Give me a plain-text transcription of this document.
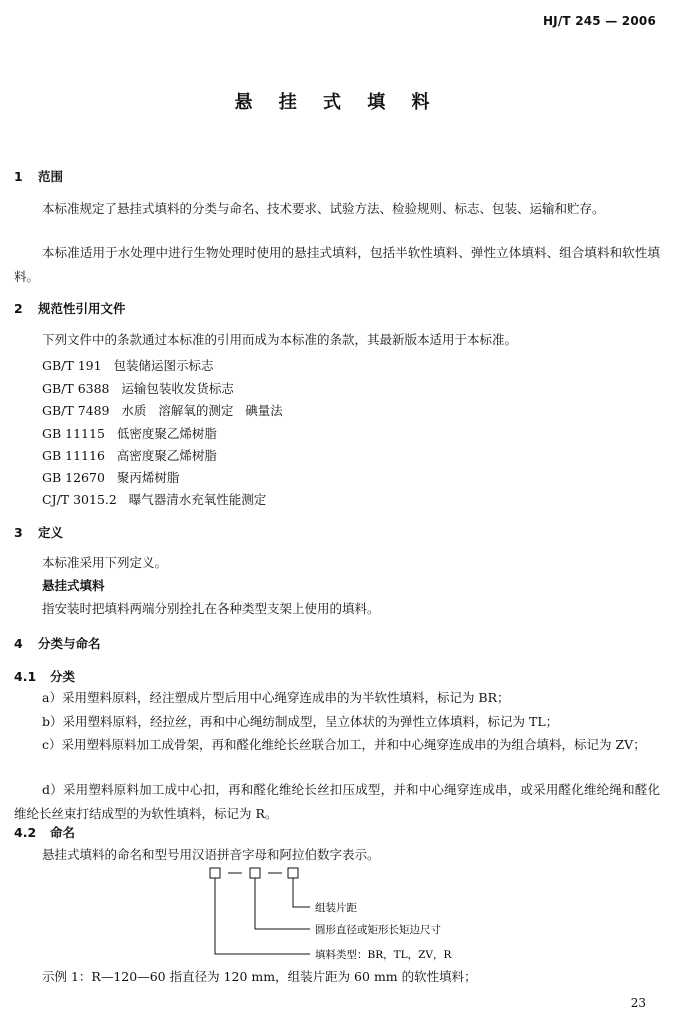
HJ/T 245 — 2006
悬 挂 式 填 料
1 范围
本标准规定了悬挂式填料的分类与命名、技术要求、试验方法、检验规则、标志、包装、运输和贮存。
本标准适用于水处理中进行生物处理时使用的悬挂式填料，包括半软性填料、弹性立体填料、组合填料和软性填料。
2 规范性引用文件
下列文件中的条款通过本标准的引用而成为本标准的条款，其最新版本适用于本标准。
GB/T 191   包装储运图示标志
GB/T 6388   运输包装收发货标志
GB/T 7489   水质   溶解氧的测定   碘量法
GB 11115   低密度聚乙烯树脂
GB 11116   高密度聚乙烯树脂
GB 12670   聚丙烯树脂
CJ/T 3015.2   曝气器清水充氧性能测定
3 定义
本标准采用下列定义。
悬挂式填料
指安装时把填料两端分别拴扎在各种类型支架上使用的填料。
4 分类与命名
4.1 分类
a）采用塑料原料，经注塑成片型后用中心绳穿连成串的为半软性填料，标记为 BR；
b）采用塑料原料，经拉丝，再和中心绳纺制成型，呈立体状的为弹性立体填料，标记为 TL；
c）采用塑料原料加工成骨架，再和醛化维纶长丝联合加工，并和中心绳穿连成串的为组合填料，标记为 ZV；
d）采用塑料原料加工成中心扣，再和醛化维纶长丝扣压成型，并和中心绳穿连成串，或采用醛化维纶绳和醛化维纶长丝束打结成型的为软性填料，标记为 R。
4.2 命名
悬挂式填料的命名和型号用汉语拼音字母和阿拉伯数字表示。
组装片距
圆形直径或矩形长矩边尺寸
填料类型：BR，TL，ZV，R
示例 1：R—120—60 指直径为 120 mm，组装片距为 60 mm 的软性填料；
23
